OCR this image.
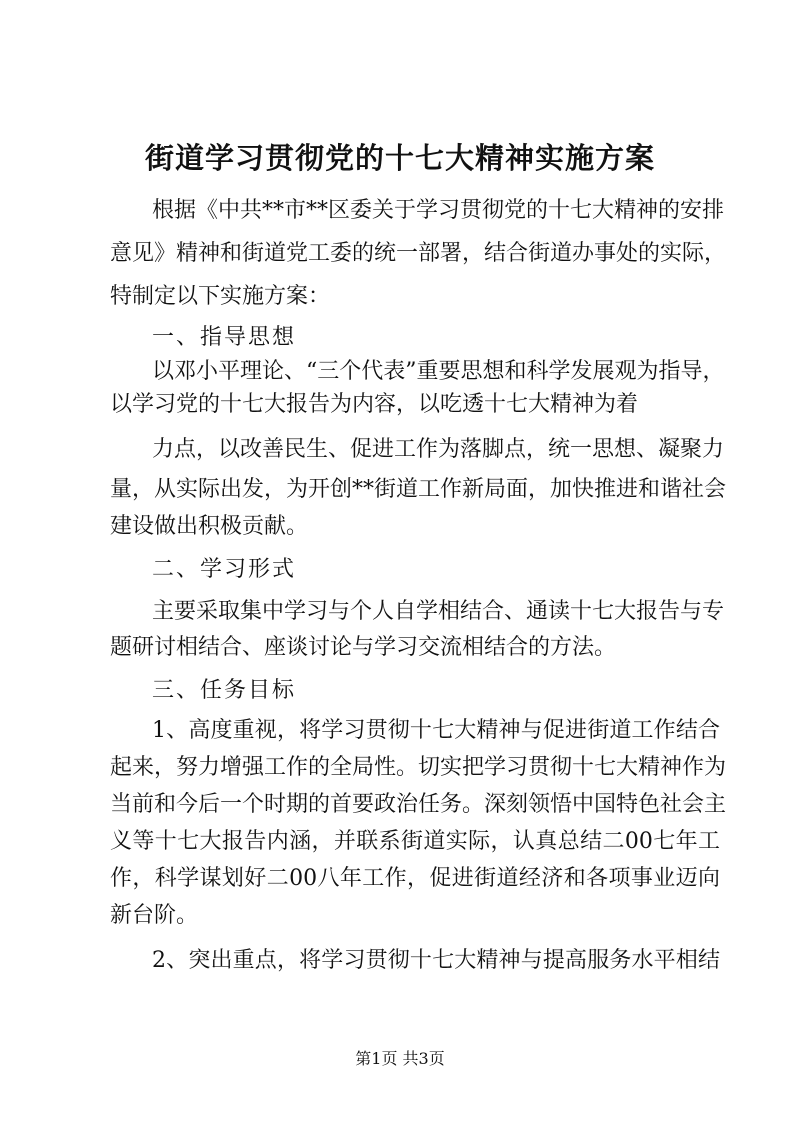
街道学习贯彻党的十七大精神实施方案
根据《中共**市**区委关于学习贯彻党的十七大精神的安排
意见》精神和街道党工委的统一部署，结合街道办事处的实际，
特制定以下实施方案：
一、指导思想
以邓小平理论、“三个代表”重要思想和科学发展观为指导，
以学习党的十七大报告为内容，以吃透十七大精神为着
力点，以改善民生、促进工作为落脚点，统一思想、凝聚力
量，从实际出发，为开创**街道工作新局面，加快推进和谐社会
建设做出积极贡献。
二、学习形式
主要采取集中学习与个人自学相结合、通读十七大报告与专
题研讨相结合、座谈讨论与学习交流相结合的方法。
三、任务目标
1、高度重视，将学习贯彻十七大精神与促进街道工作结合
起来，努力增强工作的全局性。切实把学习贯彻十七大精神作为
当前和今后一个时期的首要政治任务。深刻领悟中国特色社会主
义等十七大报告内涵，并联系街道实际，认真总结二00七年工
作，科学谋划好二00八年工作，促进街道经济和各项事业迈向
新台阶。
2、突出重点，将学习贯彻十七大精神与提高服务水平相结
第1页 共3页
